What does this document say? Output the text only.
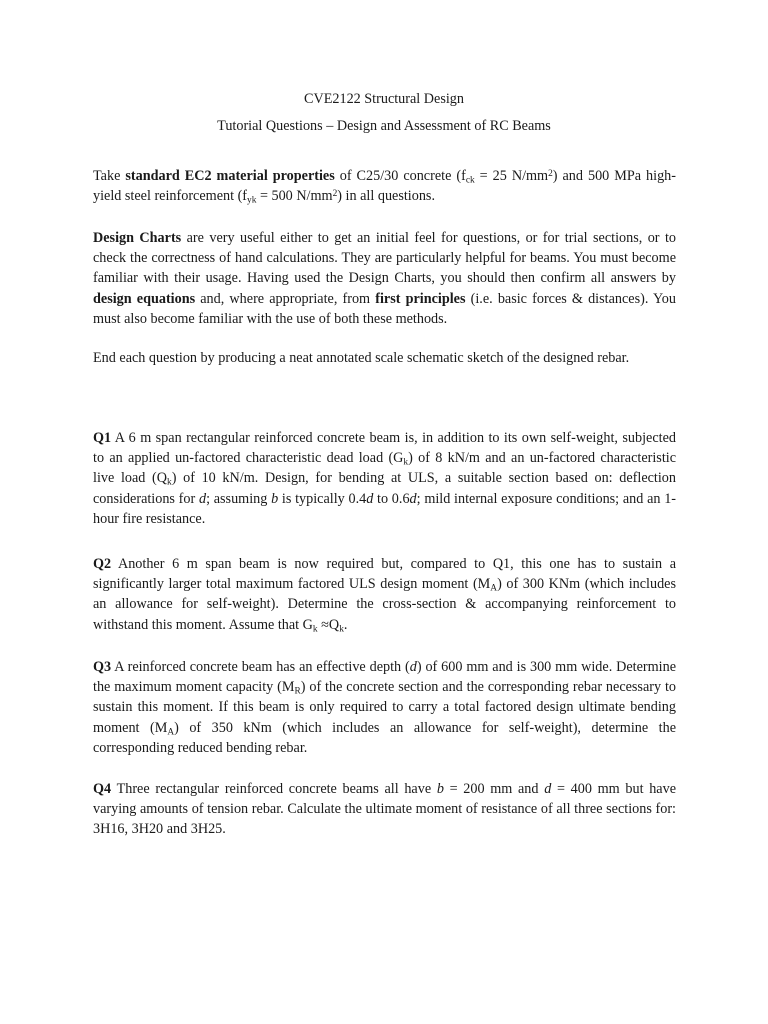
CVE2122 Structural Design
Tutorial Questions – Design and Assessment of RC Beams

Take standard EC2 material properties of C25/30 concrete ($f_{ck} = 25$ $N/mm^2$) and 500 MPa high-yield steel reinforcement ($f_{yk} = 500$ $N/mm^2$) in all questions.

Design Charts are very useful either to get an initial feel for questions, or for trial sections, or to check the correctness of hand calculations. They are particularly helpful for beams. You must become familiar with their usage. Having used the Design Charts, you should then confirm all answers by design equations and, where appropriate, from first principles (i.e. basic forces & distances). You must also become familiar with the use of both these methods.

End each question by producing a neat annotated scale schematic sketch of the designed rebar.

Q1 A 6 m span rectangular reinforced concrete beam is, in addition to its own self-weight, subjected to an applied un-factored characteristic dead load $(G_k)$ of 8 kN/m and an un-factored characteristic live load $(Q_k)$ of 10 kN/m. Design, for bending at ULS, a suitable section based on: deflection considerations for d; assuming b is typically 0.4d to 0.6d; mild internal exposure conditions; and an 1-hour fire resistance.

Q2 Another 6 m span beam is now required but, compared to Q1, this one has to sustain a significantly larger total maximum factored ULS design moment $(M_A)$ of 300 KNm (which includes an allowance for self-weight). Determine the cross-section & accompanying reinforcement to withstand this moment. Assume that $G_k \approx Q_k$.

Q3 A reinforced concrete beam has an effective depth (d) of 600 mm and is 300 mm wide. Determine the maximum moment capacity $(M_R)$ of the concrete section and the corresponding rebar necessary to sustain this moment. If this beam is only required to carry a total factored design ultimate bending moment $(M_A)$ of 350 kNm (which includes an allowance for self-weight), determine the corresponding reduced bending rebar.

Q4 Three rectangular reinforced concrete beams all have b = 200 mm and d = 400 mm but have varying amounts of tension rebar. Calculate the ultimate moment of resistance of all three sections for: 3H16, 3H20 and 3H25.
